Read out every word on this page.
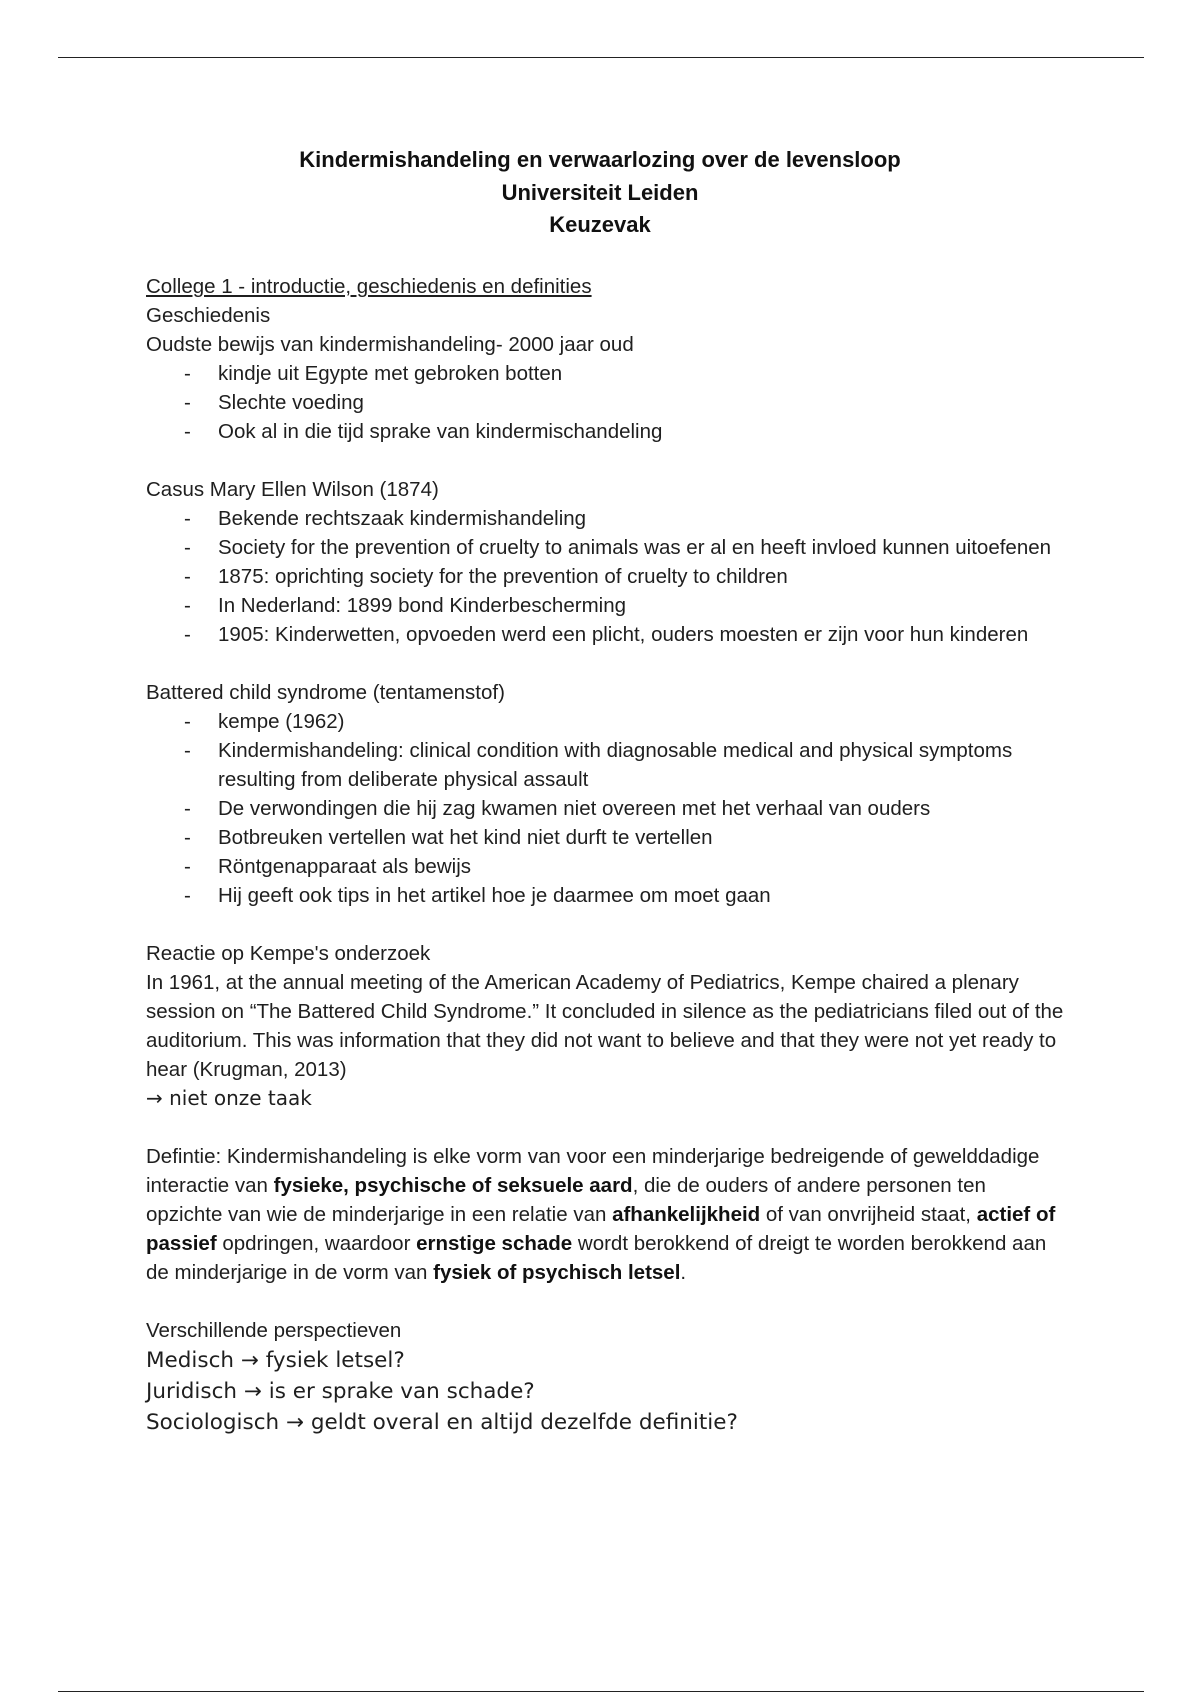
Kindermishandeling en verwaarlozing over de levensloop
Universiteit Leiden
Keuzevak

College 1 - introductie, geschiedenis en definities

Geschiedenis

Oudste bewijs van kindermishandeling- 2000 jaar oud

- kindje uit Egypte met gebroken botten
- Slechte voeding
- Ook al in die tijd sprake van kindermischandeling

Casus Mary Ellen Wilson (1874)

- Bekende rechtszaak kindermishandeling
- Society for the prevention of cruelty to animals was er al en heeft invloed kunnen uitoefenen
- 1875: oprichting society for the prevention of cruelty to children
- In Nederland: 1899 bond Kinderbescherming
- 1905: Kinderwetten, opvoeden werd een plicht, ouders moesten er zijn voor hun kinderen

Battered child syndrome (tentamenstof)

- kempe (1962)
- Kindermishandeling: clinical condition with diagnosable medical and physical symptoms resulting from deliberate physical assault
- De verwondingen die hij zag kwamen niet overeen met het verhaal van ouders
- Botbreuken vertellen wat het kind niet durft te vertellen
- Röntgenapparaat als bewijs
- Hij geeft ook tips in het artikel hoe je daarmee om moet gaan

Reactie op Kempe's onderzoek

In 1961, at the annual meeting of the American Academy of Pediatrics, Kempe chaired a plenary session on “The Battered Child Syndrome.” It concluded in silence as the pediatricians filed out of the auditorium. This was information that they did not want to believe and that they were not yet ready to hear (Krugman, 2013)

→ niet onze taak

Defintie: Kindermishandeling is elke vorm van voor een minderjarige bedreigende of gewelddadige interactie van fysieke, psychische of seksuele aard, die de ouders of andere personen ten opzichte van wie de minderjarige in een relatie van afhankelijkheid of van onvrijheid staat, actief of passief opdringen, waardoor ernstige schade wordt berokkend of dreigt te worden berokkend aan de minderjarige in de vorm van fysiek of psychisch letsel.

Verschillende perspectieven

Medisch → fysiek letsel?

Juridisch → is er sprake van schade?

Sociologisch → geldt overal en altijd dezelfde definitie?
